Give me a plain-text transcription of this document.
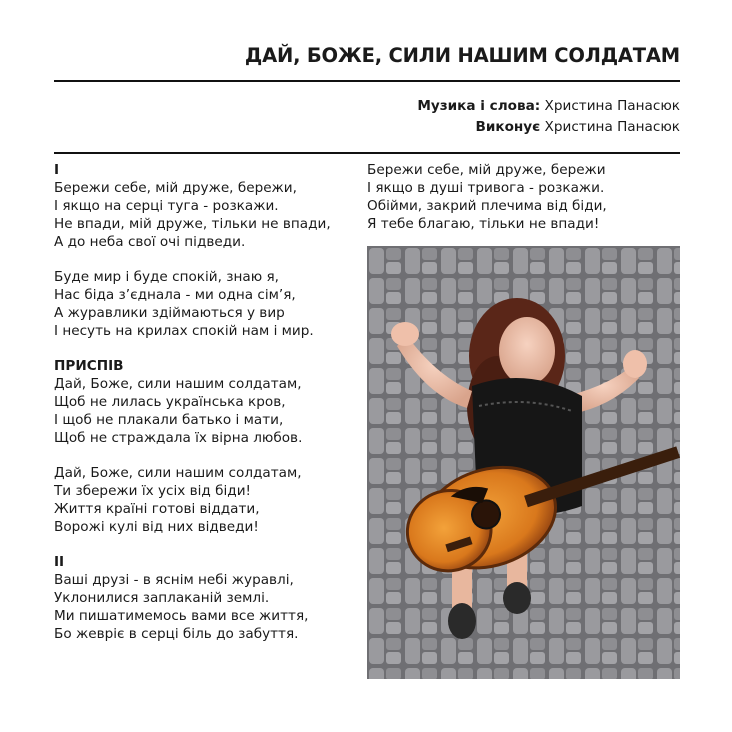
ДАЙ, БОЖЕ, СИЛИ НАШИМ СОЛДАТАМ
Музика і слова: Христина Панасюк
Виконує Христина Панасюк
І
Бережи себе, мій друже, бережи,
І якщо на серці туга - розкажи.
Не впади, мій друже, тільки не впади,
А до неба свої очі підведи.
Буде мир і буде спокій, знаю я,
Нас біда з’єднала - ми одна сім’я,
А журавлики здіймаються у вир
І несуть на крилах спокій нам і мир.
ПРИСПІВ
Дай, Боже, сили нашим солдатам,
Щоб не лилась українська кров,
І щоб не плакали батько і мати,
Щоб не страждала їх вірна любов.
Дай, Боже, сили нашим солдатам,
Ти збережи їх усіх від біди!
Життя країні готові віддати,
Ворожі кулі від них відведи!
ІІ
Ваші друзі - в яснім небі журавлі,
Уклонилися заплаканій землі.
Ми пишатимемось вами все життя,
Бо жевріє в серці біль до забуття.
Бережи себе, мій друже, бережи
І якщо в душі тривога - розкажи.
Обійми, закрий плечима від біди,
Я тебе благаю, тільки не впади!
